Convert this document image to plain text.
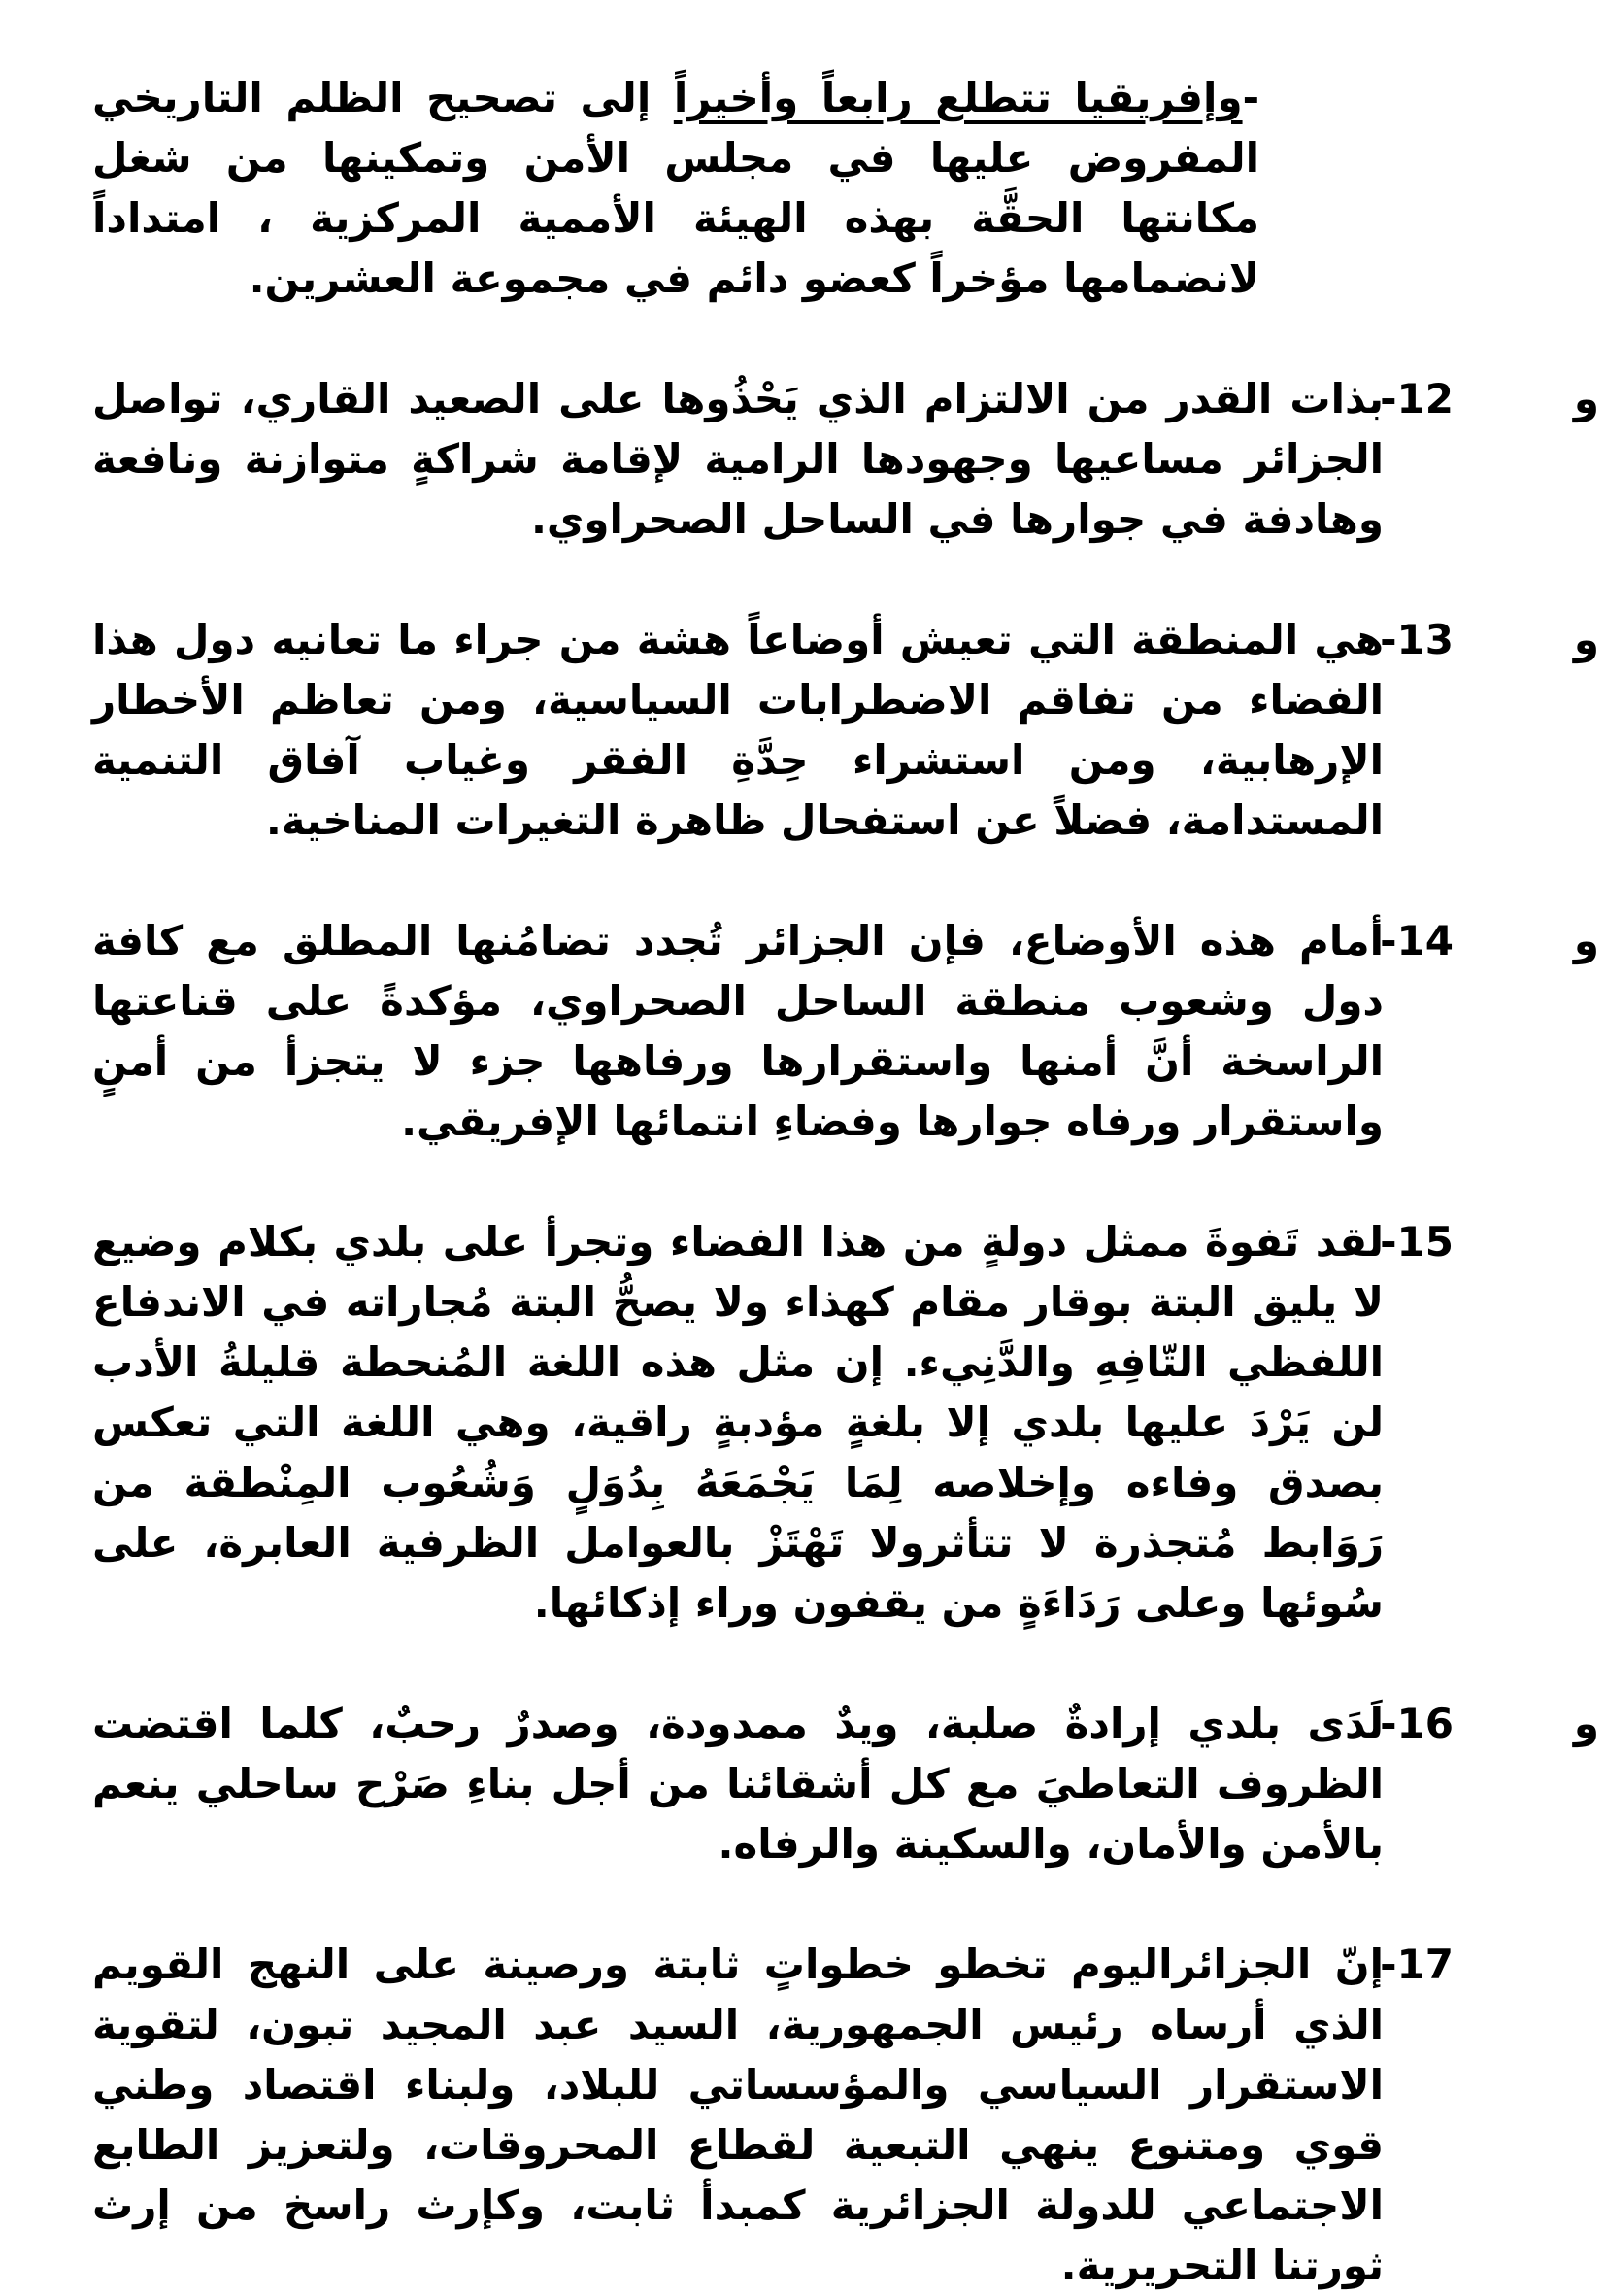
-وإفريقيا تتطلع رابعاً وأخيراً إلى تصحيح الظلم التاريخي المفروض عليها في مجلس الأمن وتمكينها من شغل مكانتها الحقَّة بهذه الهيئة الأممية المركزية ، امتداداً لانضمامها مؤخراً كعضو دائم في مجموعة العشرين.
و
-12
بذات القدر من الالتزام الذي يَحْذُوها على الصعيد القاري، تواصل الجزائر مساعيها وجهودها الرامية لإقامة شراكةٍ متوازنة ونافعة وهادفة في جوارها في الساحل الصحراوي.
و
-13
هي المنطقة التي تعيش أوضاعاً هشة من جراء ما تعانيه دول هذا الفضاء من تفاقم الاضطرابات السياسية، ومن تعاظم الأخطار الإرهابية، ومن استشراء حِدَّةِ الفقر وغياب آفاق التنمية المستدامة، فضلاً عن استفحال ظاهرة التغيرات المناخية.
و
-14
أمام هذه الأوضاع، فإن الجزائر تُجدد تضامُنها المطلق مع كافة دول وشعوب منطقة الساحل الصحراوي، مؤكدةً على قناعتها الراسخة أنَّ أمنها واستقرارها ورفاهها جزء لا يتجزأ من أمنٍ واستقرار ورفاه جوارها وفضاءِ انتمائها الإفريقي.
-15
لقد تَفوةَ ممثل دولةٍ من هذا الفضاء وتجرأ على بلدي بكلام وضيع لا يليق البتة بوقار مقام كهذاء ولا يصحُّ البتة مُجاراته في الاندفاع اللفظي التّافِهِ والدَّنِيء. إن مثل هذه اللغة المُنحطة قليلةُ الأدب لن يَرْدَ عليها بلدي إلا بلغةٍ مؤدبةٍ راقية، وهي اللغة التي تعكس بصدق وفاءه وإخلاصه لِمَا يَجْمَعَهُ بِدُوَلٍ وَشُعُوب المِنْطقة من رَوَابط مُتجذرة لا تتأثرولا تَهْتَزْ بالعوامل الظرفية العابرة، على سُوئها وعلى رَدَاءَةٍ من يقفون وراء إذكائها.
و
-16
لَدَى بلدي إرادةٌ صلبة، ويدٌ ممدودة، وصدرٌ رحبٌ، كلما اقتضت الظروف التعاطيَ مع كل أشقائنا من أجل بناءِ صَرْح ساحلي ينعم بالأمن والأمان، والسكينة والرفاه.
-17
إنّ الجزائراليوم تخطو خطواتٍ ثابتة ورصينة على النهج القويم الذي أرساه رئيس الجمهورية، السيد عبد المجيد تبون، لتقوية الاستقرار السياسي والمؤسساتي للبلاد، ولبناء اقتصاد وطني قوي ومتنوع ينهي التبعية لقطاع المحروقات، ولتعزيز الطابع الاجتماعي للدولة الجزائرية كمبدأ ثابت، وكإرث راسخ من إرث ثورتنا التحريرية.
